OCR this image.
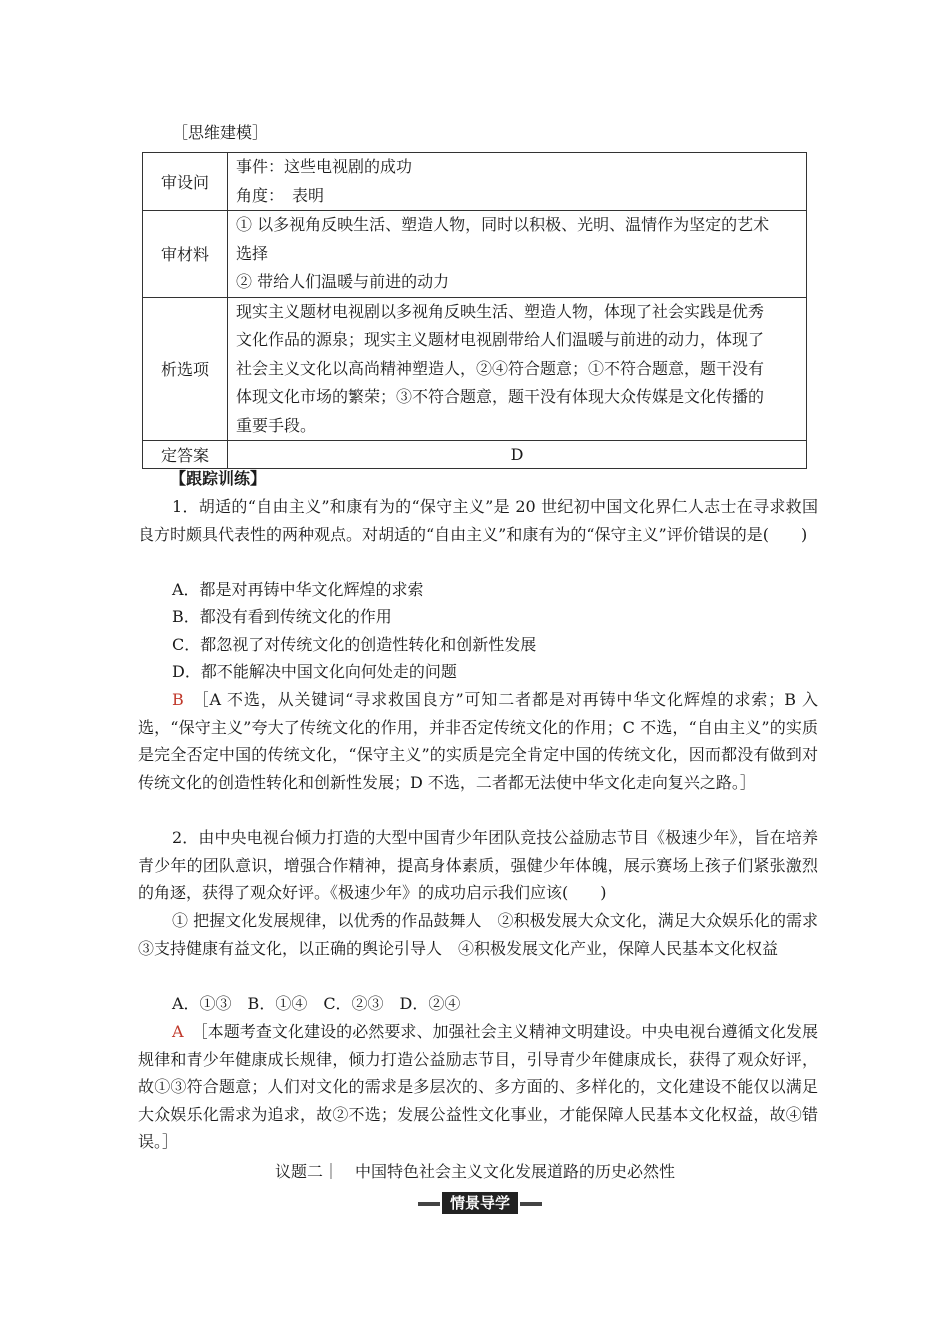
［思维建模］
审设问	事件：这些电视剧的成功
角度：　表明

审材料	① 以多视角反映生活、塑造人物，同时以积极、光明、温情作为坚定的艺术
选择
② 带给人们温暖与前进的动力

析选项	现实主义题材电视剧以多视角反映生活、塑造人物，体现了社会实践是优秀
文化作品的源泉；现实主义题材电视剧带给人们温暖与前进的动力，体现了
社会主义文化以高尚精神塑造人，②④符合题意；①不符合题意，题干没有
体现文化市场的繁荣；③不符合题意，题干没有体现大众传媒是文化传播的
重要手段。

定答案	D
【跟踪训练】
1．胡适的“自由主义”和康有为的“保守主义”是 20 世纪初中国文化界仁人志士在寻求救国良方时颇具代表性的两种观点。对胡适的“自由主义”和康有为的“保守主义”评价错误的是(　　)
A．都是对再铸中华文化辉煌的求索
B．都没有看到传统文化的作用
C．都忽视了对传统文化的创造性转化和创新性发展
D．都不能解决中国文化向何处走的问题
B  ［A 不选，从关键词“寻求救国良方”可知二者都是对再铸中华文化辉煌的求索；B 入选，“保守主义”夸大了传统文化的作用，并非否定传统文化的作用；C 不选，“自由主义”的实质是完全否定中国的传统文化，“保守主义”的实质是完全肯定中国的传统文化，因而都没有做到对传统文化的创造性转化和创新性发展；D 不选，二者都无法使中华文化走向复兴之路。］
2．由中央电视台倾力打造的大型中国青少年团队竞技公益励志节目《极速少年》，旨在培养青少年的团队意识，增强合作精神，提高身体素质，强健少年体魄，展示赛场上孩子们紧张激烈的角逐，获得了观众好评。《极速少年》的成功启示我们应该(　　)
① 把握文化发展规律，以优秀的作品鼓舞人　②积极发展大众文化，满足大众娱乐化的需求　③支持健康有益文化，以正确的舆论引导人　④积极发展文化产业，保障人民基本文化权益
A．①③　B．①④　C．②③　D．②④
A  ［本题考查文化建设的必然要求、加强社会主义精神文明建设。中央电视台遵循文化发展规律和青少年健康成长规律，倾力打造公益励志节目，引导青少年健康成长，获得了观众好评，故①③符合题意；人们对文化的需求是多层次的、多方面的、多样化的，文化建设不能仅以满足大众娱乐化需求为追求，故②不选；发展公益性文化事业，才能保障人民基本文化权益，故④错误。］
议题二｜　中国特色社会主义文化发展道路的历史必然性
情景导学
